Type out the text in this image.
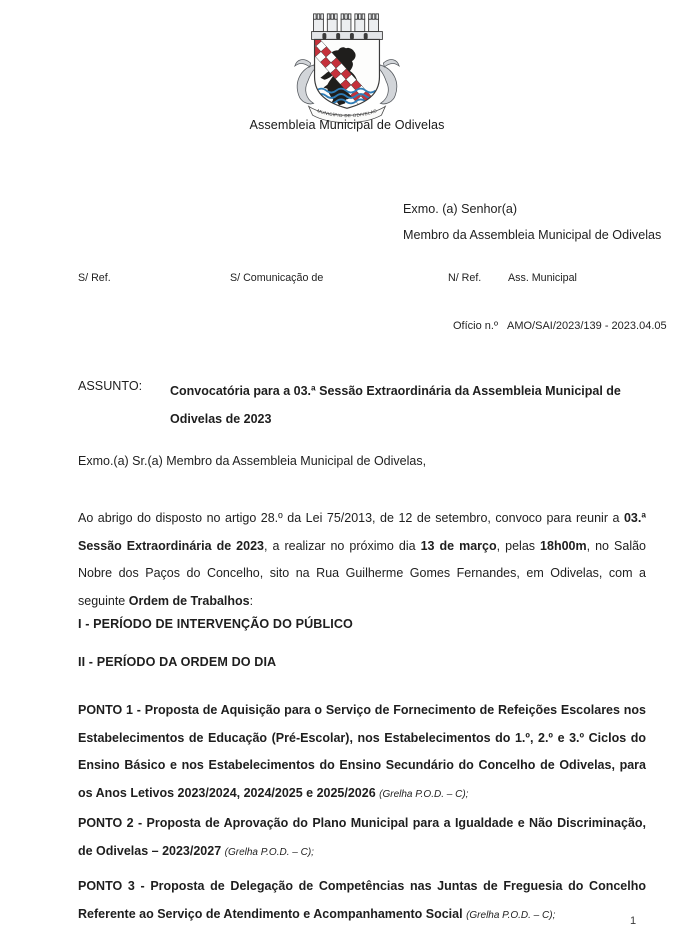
MUNICÍPIO DE ODIVELAS
Assembleia Municipal de Odivelas
Exmo. (a) Senhor(a)
Membro da Assembleia Municipal de Odivelas
S/ Ref.	S/ Comunicação de	N/ Ref. Ass. Municipal
Ofício n.º AMO/SAI/2023/139 - 2023.04.05
ASSUNTO: Convocatória para a 03.ª Sessão Extraordinária da Assembleia Municipal de Odivelas de 2023
Exmo.(a) Sr.(a) Membro da Assembleia Municipal de Odivelas,
Ao abrigo do disposto no artigo 28.º da Lei 75/2013, de 12 de setembro, convoco para reunir a 03.ª Sessão Extraordinária de 2023, a realizar no próximo dia 13 de março, pelas 18h00m, no Salão Nobre dos Paços do Concelho, sito na Rua Guilherme Gomes Fernandes, em Odivelas, com a seguinte Ordem de Trabalhos:
I - PERÍODO DE INTERVENÇÃO DO PÚBLICO
II - PERÍODO DA ORDEM DO DIA
PONTO 1 - Proposta de Aquisição para o Serviço de Fornecimento de Refeições Escolares nos Estabelecimentos de Educação (Pré-Escolar), nos Estabelecimentos do 1.º, 2.º e 3.º Ciclos do Ensino Básico e nos Estabelecimentos do Ensino Secundário do Concelho de Odivelas, para os Anos Letivos 2023/2024, 2024/2025 e 2025/2026 (Grelha P.O.D. – C);
PONTO 2 - Proposta de Aprovação do Plano Municipal para a Igualdade e Não Discriminação, de Odivelas – 2023/2027 (Grelha P.O.D. – C);
PONTO 3 - Proposta de Delegação de Competências nas Juntas de Freguesia do Concelho Referente ao Serviço de Atendimento e Acompanhamento Social (Grelha P.O.D. – C);	1
